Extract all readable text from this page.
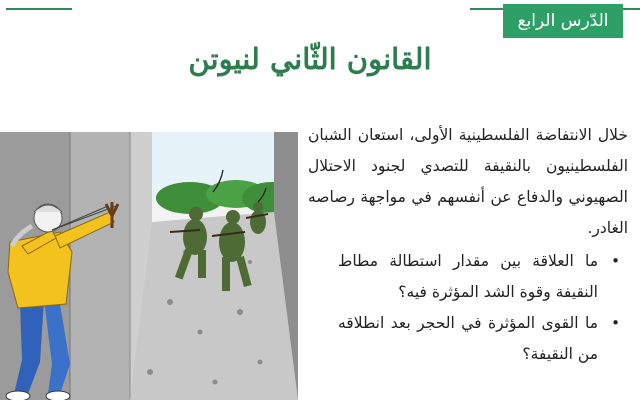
الدّرس الرابع
القانون الثّاني لنيوتن

خلال الانتفاضة الفلسطينية الأولى، استعان الشبان الفلسطينيون بالنقيفة للتصدي لجنود الاحتلال الصهيوني والدفاع عن أنفسهم في مواجهة رصاصه الغادر.

•
ما العلاقة بين مقدار استطالة مطاط النقيفة وقوة الشد المؤثرة فيه؟
•
ما القوى المؤثرة في الحجر بعد انطلاقه من النقيفة؟
